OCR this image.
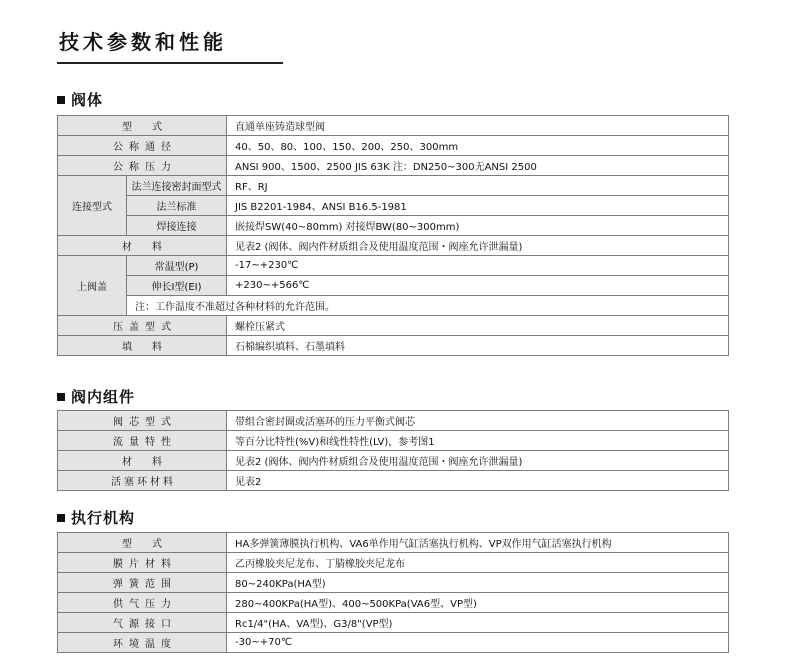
技术参数和性能
阀体
型式		直通单座铸造球型阀
公称通径		40、50、80、100、150、200、250、300mm
公称压力		ANSI 900、1500、2500 JIS 63K 注：DN250~300无ANSI 2500
连接型式	法兰连接密封面型式	RF、RJ
	法兰标准	JIS B2201-1984、ANSI B16.5-1981
	焊接连接	嵌接焊SW(40~80mm) 对接焊BW(80~300mm)
材料		见表2 (阀体、阀内件材质组合及使用温度范围・阀座允许泄漏量)
上阀盖	常温型(P)	-17~+230℃
	伸长Ⅰ型(EI)	+230~+566℃
	注：工作温度不准超过各种材料的允许范围。	
压盖型式		螺栓压紧式
填料		石棉编织填料、石墨填料
阀内组件
阀芯型式	带组合密封圈或活塞环的压力平衡式阀芯
流量特性	等百分比特性(%V)和线性特性(LV)，参考图1
材料	见表2 (阀体、阀内件材质组合及使用温度范围・阀座允许泄漏量)
活塞环材料	见表2
执行机构
型式	HA多弹簧薄膜执行机构、VA6单作用气缸活塞执行机构、VP双作用气缸活塞执行机构
膜片材料	乙丙橡胶夹尼龙布、丁腈橡胶夹尼龙布
弹簧范围	80~240KPa(HA型)
供气压力	280~400KPa(HA型)、400~500KPa(VA6型、VP型)
气源接口	Rc1/4"(HA、VA型)、G3/8"(VP型)
环境温度	-30~+70℃
